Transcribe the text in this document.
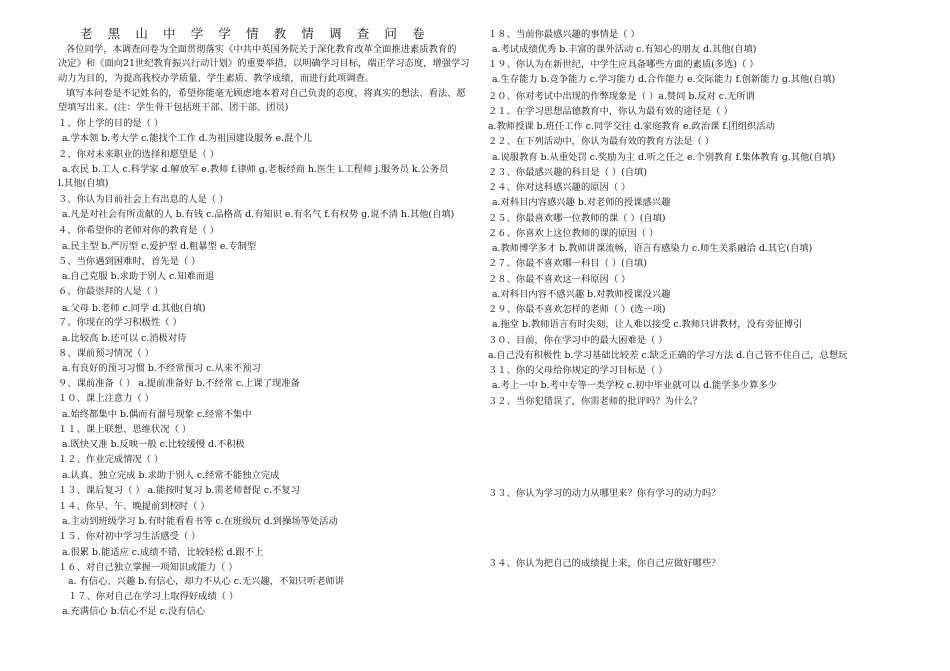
老 黑 山 中 学 学 情 教 情 调 查 问 卷
各位同学，本调查问卷为全面贯彻落实《中共中英国务院关于深化教育改革全面推进素质教育的
决定》和《面向21世纪教育振兴行动计划》的重要举措，以明确学习目标，端正学习态度，增强学习
动力为目的，为提高我校办学质量、学生素质、教学成绩，而进行此项调查。
填写本问卷是不记姓名的，希望你能毫无顾虑地本着对自己负责的态度，将真实的想法、看法、愿
望填写出来。(注：学生骨干包括班干部、团干部、团员)
１、你上学的目的是（ ）
a.学本领 b.考大学 c.能找个工作 d.为祖国建设服务 e.混个儿
２、你对未来职业的选择和愿望是（ ）
a.农民 b.工人 c.科学家 d.解放军 e.教师 f.律师 g.老板经商 h.医生 i.工程师 j.服务员 k.公务员
l.其他(自填)
３、你认为目前社会上有出息的人是（ ）
a.凡是对社会有所贡献的人 b.有钱 c.品格高 d.有知识 e.有名气 f.有权势 g.说不清 h.其他(自填)
４、你希望你的老师对你的教育是（ ）
a.民主型 b.严厉型 c.爱护型 d.粗暴型 e.专制型
５、当你遇到困难时，首先是（ ）
a.自己克服 b.求助于别人 c.知难而退
６、你最崇拜的人是（ ）
a.父母 b.老师 c.同学 d.其他(自填)
７、你现在的学习积极性（ ）
a.比较高 b.还可以 c.消极对待
８、课前预习情况（ ）
a.有良好的预习习惯 b.不经常预习 c.从来不预习
９、课前准备（ ） a.提前准备好 b.不经常 c.上课了现准备
１０、课上注意力（ ）
a.始终都集中 b.偶而有溜号现象 c.经常不集中
１１、课上联想、思维状况（ ）
a.既快又准 b.反映一般 c.比较缓慢 d.不积极
１２、作业完成情况（ ）
a.认真、独立完成 b.求助于别人 c.经常不能独立完成
１３、课后复习（ ） a.能按时复习 b.需老师督促 c.不复习
１４、你早、午、晚提前到校时（ ）
a.主动到班级学习 b.有时能看看书等 c.在班级玩 d.到操场等处活动
１５、你对初中学习生活感受（ ）
a.很累 b.能适应 c.成绩不错，比较轻松 d.跟不上
１６、对自己独立掌握一项知识或能力（ ）
a. 有信心、兴趣 b.有信心，却力不从心 c.无兴趣，不知只听老师讲
１７、你对自己在学习上取得好成绩（ ）
a.充满信心 b.信心不足 c.没有信心
１８、当前你最感兴趣的事情是（ ）
a.考试成绩优秀 b.丰富的课外活动 c.有知心的朋友 d.其他(自填)
１９、你认为在新世纪，中学生应具备哪些方面的素质(多选)（ ）
a.生存能力 b.竞争能力 c.学习能力 d.合作能力 e.交际能力 f.创新能力 g.其他(自填)
２０、你对考试中出现的作弊现象是（ ）a.赞同 b.反对 c.无所谓
２１、在学习思想品德教育中，你认为最有效的途径是（ ）
a.教师授课 b.班任工作 c.同学交往 d.家庭教育 e.政治课 f.团组织活动
２２、在下列活动中，你认为最有效的教育方法是（ ）
a.说服教育 b.从重处罚 c.奖励为主 d.听之任之 e.个别教育 f.集体教育 g.其他(自填)
２３、你最感兴趣的科目是（ ）(自填)
２４、你对这科感兴趣的原因（ ）
a.对科目内容感兴趣 b.对老师的授课感兴趣
２５、你最喜欢哪一位教师的课（ ）(自填)
２６、你喜欢上这位教师的课的原因（ ）
a.教师博学多才 b.教师讲课流畅，语言有感染力 c.师生关系融洽 d.其它(自填)
２７、你最不喜欢哪一科目（ ）(自填)
２８、你最不喜欢这一科原因（ ）
a.对科目内容不感兴趣 b.对教师授课没兴趣
２９、你最不喜欢怎样的老师（ ）(选一项)
a.拖堂 b.教师语言有时尖刻，让人难以接受 c.教师只讲教材，没有旁征博引
３０、目前，你在学习中的最大困难是（ ）
a.自己没有积极性 b.学习基础比较差 c.缺乏正确的学习方法 d.自己管不住自己，总想玩
３１、你的父母给你规定的学习目标是（ ）
a.考上一中 b.考中专等一类学校 c.初中毕业就可以 d.能学多少算多少
３２、当你犯错误了，你需老师的批评吗？为什么？
３３、你认为学习的动力从哪里来？你有学习的动力吗？
３４、你认为把自己的成绩提上来，你自己应做好哪些？
